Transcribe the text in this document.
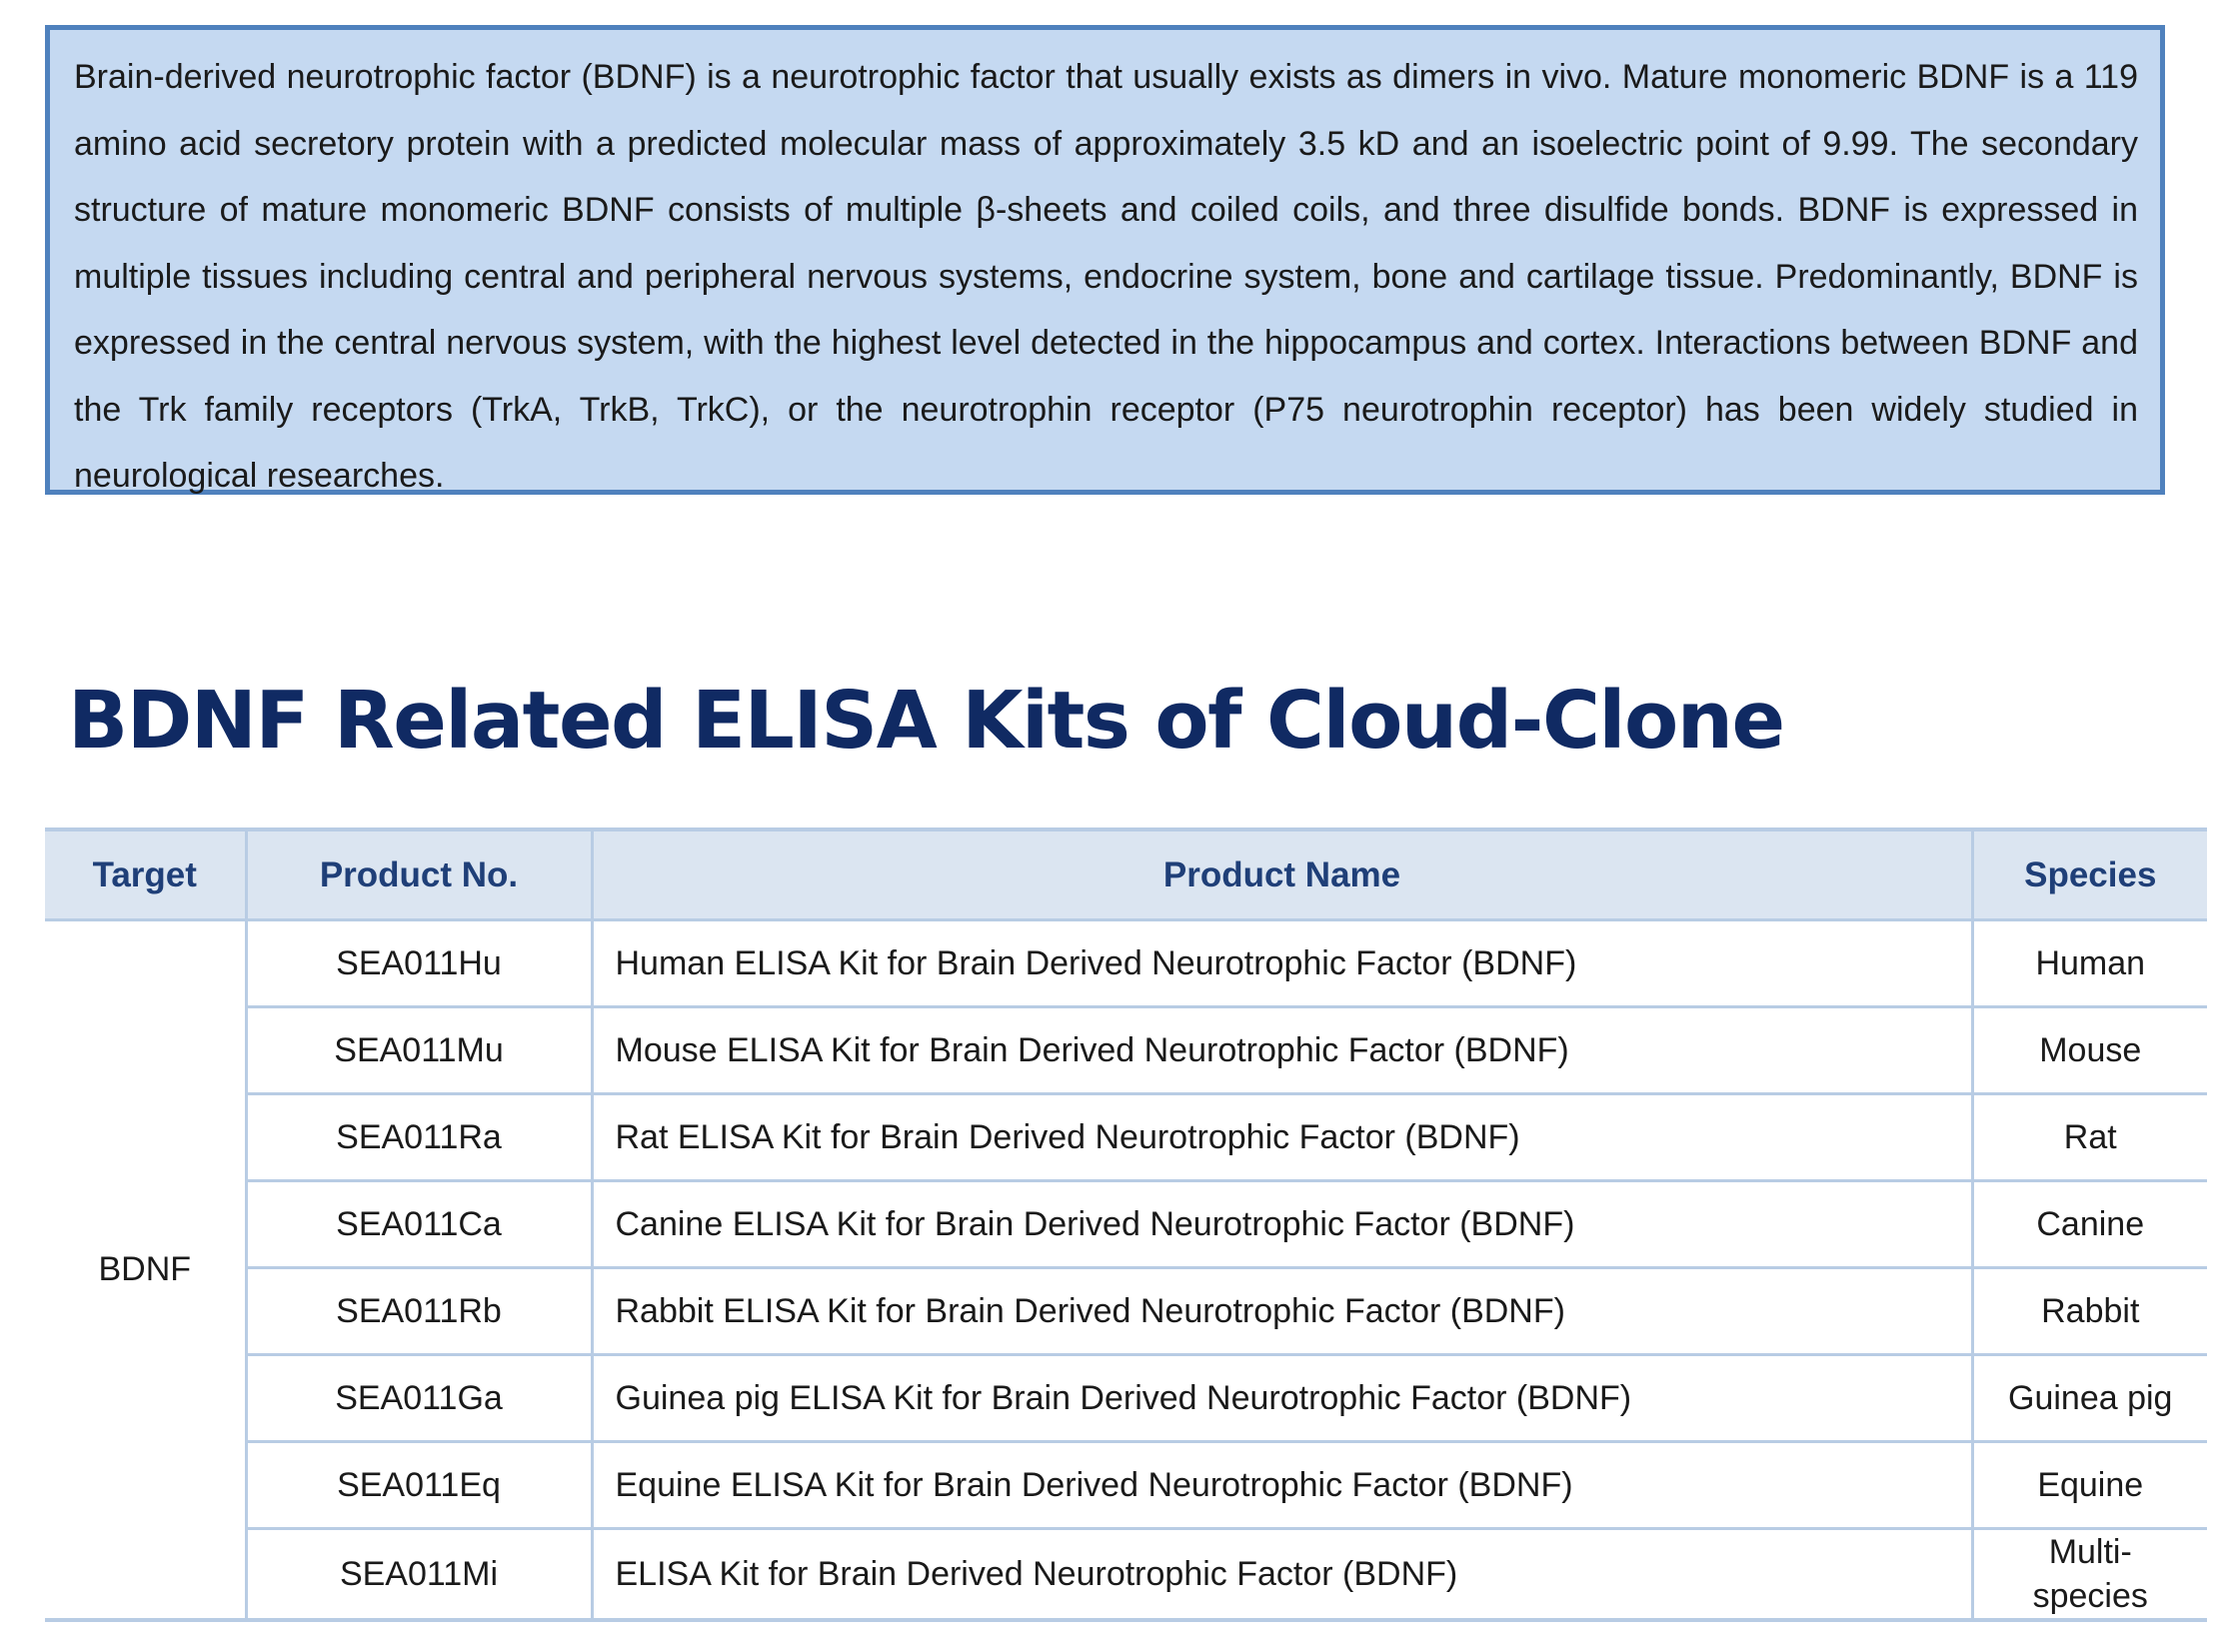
Brain-derived neurotrophic factor (BDNF) is a neurotrophic factor that usually exists as dimers in vivo. Mature monomeric BDNF is a 119 amino acid secretory protein with a predicted molecular mass of approximately 3.5 kD and an isoelectric point of 9.99. The secondary structure of mature monomeric BDNF consists of multiple β-sheets and coiled coils, and three disulfide bonds. BDNF is expressed in multiple tissues including central and peripheral nervous systems, endocrine system, bone and cartilage tissue. Predominantly, BDNF is expressed in the central nervous system, with the highest level detected in the hippocampus and cortex. Interactions between BDNF and the Trk family receptors (TrkA, TrkB, TrkC), or the neurotrophin receptor (P75 neurotrophin receptor) has been widely studied in neurological researches.

BDNF Related ELISA Kits of Cloud-Clone
Target	Product No.	Product Name	Species
BDNF	SEA011Hu	Human ELISA Kit for Brain Derived Neurotrophic Factor (BDNF)	Human
	SEA011Mu	Mouse ELISA Kit for Brain Derived Neurotrophic Factor (BDNF)	Mouse
	SEA011Ra	Rat ELISA Kit for Brain Derived Neurotrophic Factor (BDNF)	Rat
	SEA011Ca	Canine ELISA Kit for Brain Derived Neurotrophic Factor (BDNF)	Canine
	SEA011Rb	Rabbit ELISA Kit for Brain Derived Neurotrophic Factor (BDNF)	Rabbit
	SEA011Ga	Guinea pig ELISA Kit for Brain Derived Neurotrophic Factor (BDNF)	Guinea pig
	SEA011Eq	Equine ELISA Kit for Brain Derived Neurotrophic Factor (BDNF)	Equine
	SEA011Mi	ELISA Kit for Brain Derived Neurotrophic Factor (BDNF)	Multi-
species
